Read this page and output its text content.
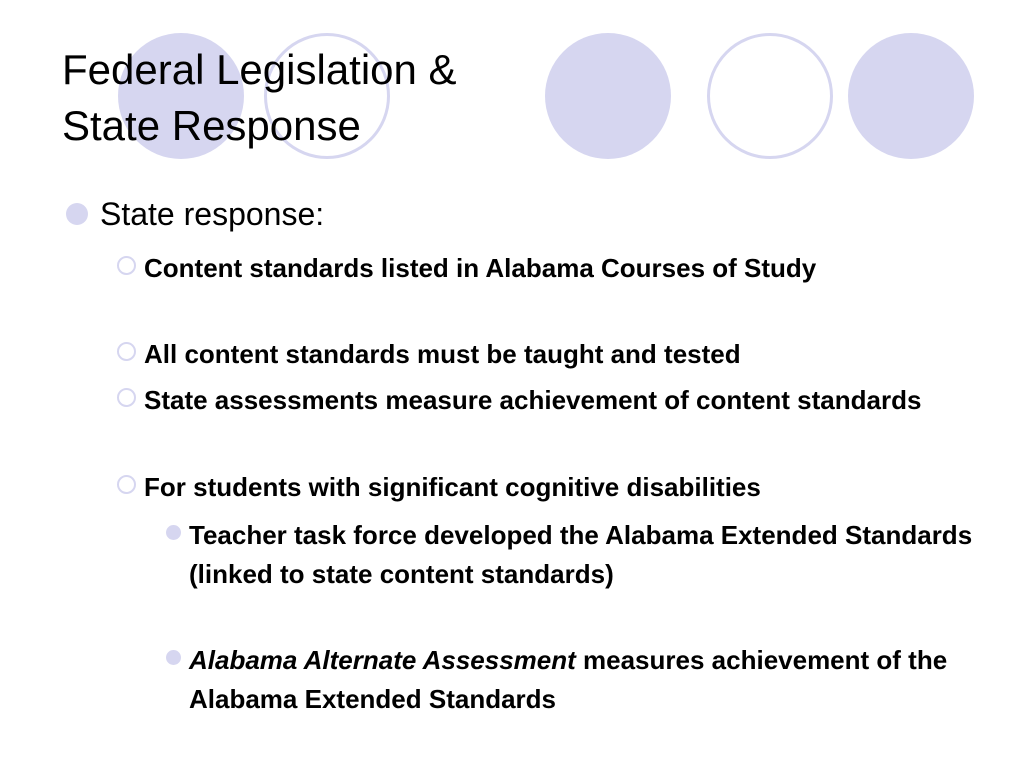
Federal Legislation &
State Response
State response:
Content standards listed in Alabama Courses of Study
All content standards must be taught and tested
State assessments measure achievement of content standards
For students with significant cognitive disabilities
Teacher task force developed the Alabama Extended Standards (linked to state content standards)
Alabama Alternate Assessment measures achievement of the Alabama Extended Standards
